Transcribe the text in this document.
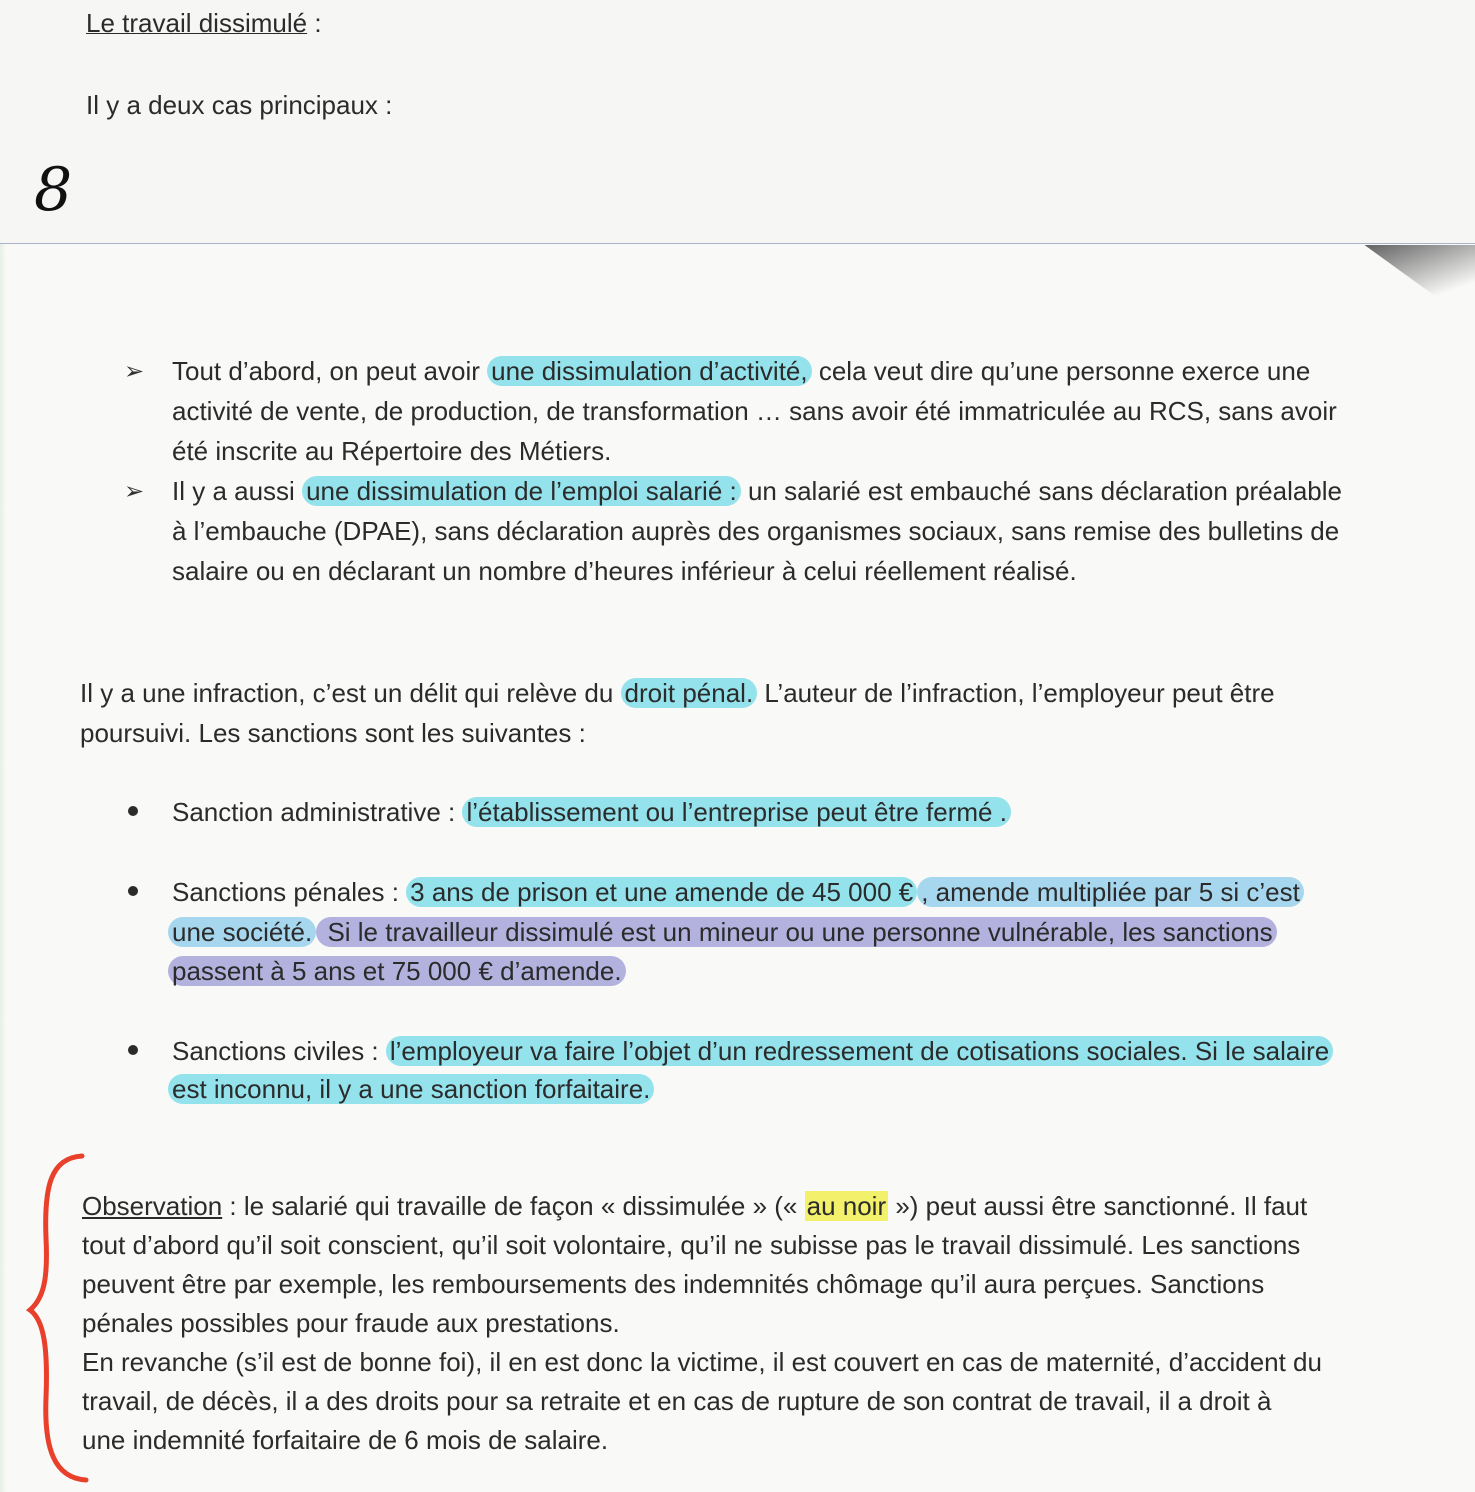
Le travail dissimulé :
Il y a deux cas principaux :
8
➢ Tout d’abord, on peut avoir une dissimulation d’activité, cela veut dire qu’une personne exerce une
activité de vente, de production, de transformation … sans avoir été immatriculée au RCS, sans avoir
été inscrite au Répertoire des Métiers.
➢ Il y a aussi une dissimulation de l’emploi salarié : un salarié est embauché sans déclaration préalable
à l’embauche (DPAE), sans déclaration auprès des organismes sociaux, sans remise des bulletins de
salaire ou en déclarant un nombre d’heures inférieur à celui réellement réalisé.
Il y a une infraction, c’est un délit qui relève du droit pénal. L’auteur de l’infraction, l’employeur peut être
poursuivi. Les sanctions sont les suivantes :
Sanction administrative : l’établissement ou l’entreprise peut être fermé .
Sanctions pénales : 3 ans de prison et une amende de 45 000 € , amende multipliée par 5 si c’est
une société. Si le travailleur dissimulé est un mineur ou une personne vulnérable, les sanctions
passent à 5 ans et 75 000 € d’amende.
Sanctions civiles : l’employeur va faire l’objet d’un redressement de cotisations sociales. Si le salaire
est inconnu, il y a une sanction forfaitaire.
Observation : le salarié qui travaille de façon « dissimulée » (« au noir ») peut aussi être sanctionné. Il faut
tout d’abord qu’il soit conscient, qu’il soit volontaire, qu’il ne subisse pas le travail dissimulé. Les sanctions
peuvent être par exemple, les remboursements des indemnités chômage qu’il aura perçues. Sanctions
pénales possibles pour fraude aux prestations.
En revanche (s’il est de bonne foi), il en est donc la victime, il est couvert en cas de maternité, d’accident du
travail, de décès, il a des droits pour sa retraite et en cas de rupture de son contrat de travail, il a droit à
une indemnité forfaitaire de 6 mois de salaire.
